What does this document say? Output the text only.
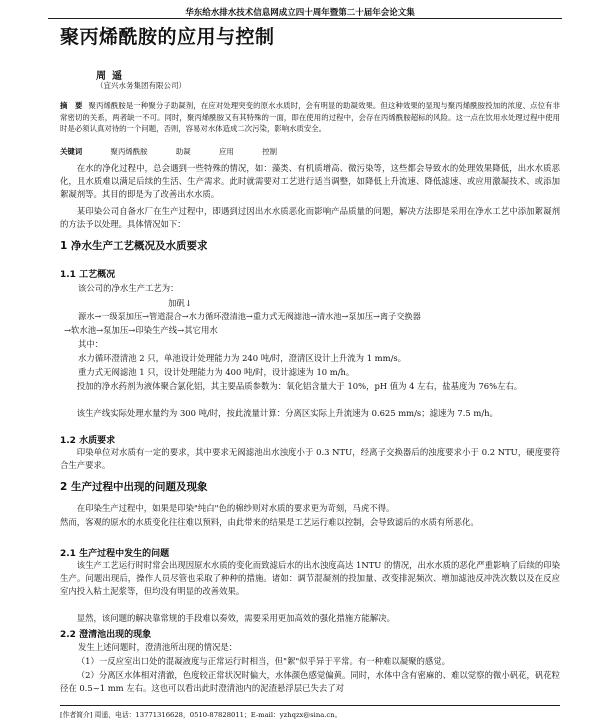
华东给水排水技术信息网成立四十周年暨第二十届年会论文集
聚丙烯酰胺的应用与控制
周遥
（宜兴水务集团有限公司）
摘　要 聚丙烯酰胺是一种聚分子助凝剂，在应对处理突变的原水水质时，会有明显的助凝效果。但这种效果的显现与聚丙烯酰胺投加的浓度、点位有非常密切的关系，两者缺一不可。同时，聚丙烯酰胺又有其特殊的一面，即在使用的过程中，会存在丙烯酰胺超标的风险。这一点在饮用水处理过程中使用时是必须认真对待的一个问题，否则，容易对水体造成二次污染，影响水质安全。
关键词	聚丙烯酰胺	助凝	应用	控制
在水的净化过程中，总会遇到一些特殊的情况，如：藻类、有机质增高、微污染等，这些都会导致水的处理效果降低，出水水质恶化，且水质难以满足后续的生活、生产需求。此时就需要对工艺进行适当调整，如降低上升流速、降低滤速、或应用激凝技术、或添加絮凝剂等。其目的即是为了改善出水水质。
某印染公司自备水厂在生产过程中，即遇到过因出水水质恶化而影响产品质量的问题，解决方法即是采用在净水工艺中添加絮凝剂的方法予以处理。具体情况如下：
1 净水生产工艺概况及水质要求
1.1 工艺概况
该公司的净水生产工艺为：
加矾↓
源水→一级泵加压→管道混合→水力循环澄清池→重力式无阀滤池→清水池→泵加压→离子交换器
→软水池→泵加压→印染生产线→其它用水
其中：
水力循环澄清池 2 只，单池设计处理能力为 240 吨/时，澄清区设计上升流为 1 mm/s。
重力式无阀滤池 1 只，设计处理能力为 400 吨/时，设计滤速为 10 m/h。
投加的净水药剂为液体聚合氯化铝，其主要品质参数为：氧化铝含量大于 10%，pH 值为 4 左右，盐基度为 76%左右。
该生产线实际处理水量约为 300 吨/时，按此流量计算：分离区实际上升流速为 0.625 mm/s；滤速为 7.5 m/h。
1.2 水质要求
印染单位对水质有一定的要求，其中要求无阀滤池出水浊度小于 0.3 NTU，经离子交换器后的浊度要求小于 0.2 NTU，硬度要符合生产要求。
2 生产过程中出现的问题及现象
在印染生产过程中，如果是印染"纯白"色的棉纱则对水质的要求更为苛刻，马虎不得。
然而，客观的原水的水质变化往往难以预料，由此带来的结果是工艺运行难以控制，会导致滤后的水质有所恶化。
2.1 生产过程中发生的问题
该生产工艺运行时时常会出现因原水水质的变化而致滤后水的出水浊度高达 1NTU 的情况，出水水质的恶化严重影响了后续的印染生产。问题出现后，操作人员尽管也采取了种种的措施。诸如：调节混凝剂的投加量、改变排泥频次、增加滤池反冲洗次数以及在反应室内投入粘土泥浆等，但均没有明显的改善效果。
显然，该问题的解决靠常规的手段难以奏效，需要采用更加高效的强化措施方能解决。
2.2 澄清池出现的现象
发生上述问题时，澄清池所出现的情况是：
（1）一反应室出口处的混凝液度与正常运行时相当，但"絮"似乎异于平常。有一种难以凝聚的感觉。
（2）分离区水体相对清澈，色度较正常状况时偏大，水体颜色感觉偏黄。同时，水体中含有密麻的、难以觉察的微小矾花，矾花粒径在 0.5~1 mm 左右。这也可以看出此时澄清池内的泥渣悬浮层已失去了对
[作者简介] 周遥，电话：13771316628，0510-87828011；E-mail：yzhqzx@sina.cn。
